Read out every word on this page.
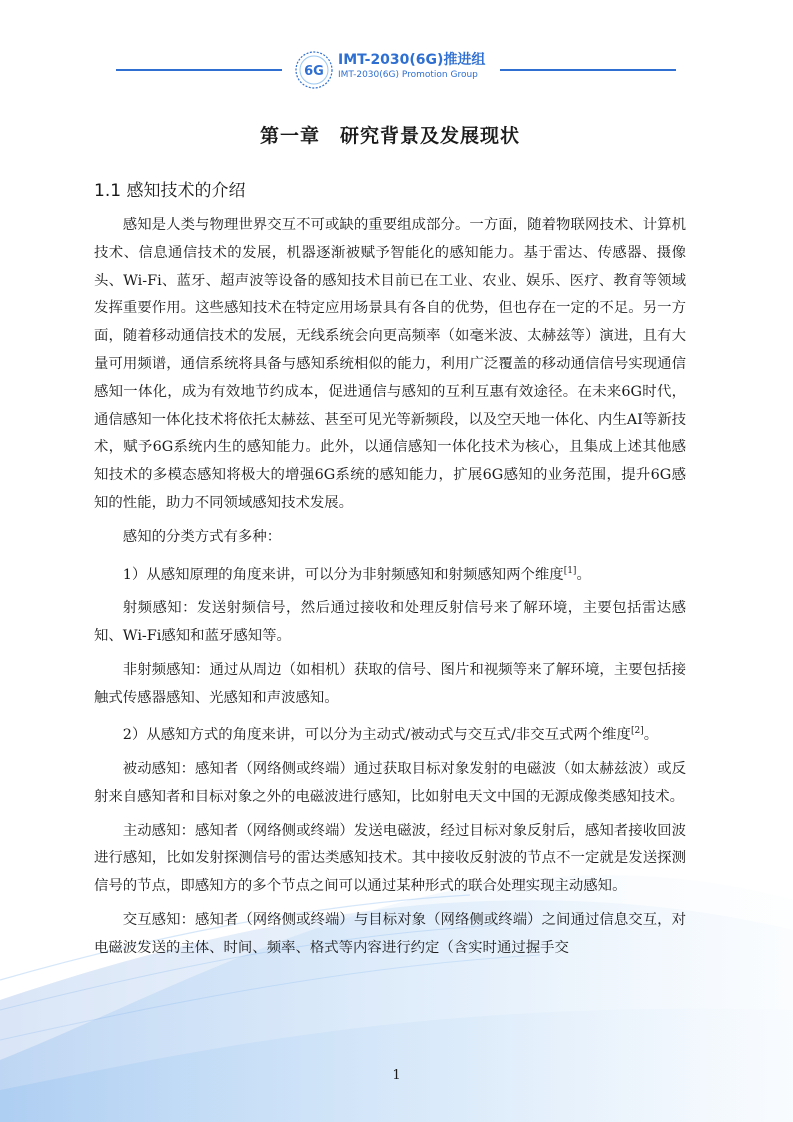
6G
IMT-2030(6G)推进组
IMT-2030(6G) Promotion Group
第一章　研究背景及发展现状
1.1 感知技术的介绍

感知是人类与物理世界交互不可或缺的重要组成部分。一方面，随着物联网技术、计算机技术、信息通信技术的发展，机器逐渐被赋予智能化的感知能力。基于雷达、传感器、摄像头、Wi-Fi、蓝牙、超声波等设备的感知技术目前已在工业、农业、娱乐、医疗、教育等领域发挥重要作用。这些感知技术在特定应用场景具有各自的优势，但也存在一定的不足。另一方面，随着移动通信技术的发展，无线系统会向更高频率（如毫米波、太赫兹等）演进，且有大量可用频谱，通信系统将具备与感知系统相似的能力，利用广泛覆盖的移动通信信号实现通信感知一体化，成为有效地节约成本，促进通信与感知的互利互惠有效途径。在未来6G时代，通信感知一体化技术将依托太赫兹、甚至可见光等新频段，以及空天地一体化、内生AI等新技术，赋予6G系统内生的感知能力。此外，以通信感知一体化技术为核心，且集成上述其他感知技术的多模态感知将极大的增强6G系统的感知能力，扩展6G感知的业务范围，提升6G感知的性能，助力不同领域感知技术发展。

感知的分类方式有多种：

1）从感知原理的角度来讲，可以分为非射频感知和射频感知两个维度[1]。

射频感知：发送射频信号，然后通过接收和处理反射信号来了解环境，主要包括雷达感知、Wi-Fi感知和蓝牙感知等。

非射频感知：通过从周边（如相机）获取的信号、图片和视频等来了解环境，主要包括接触式传感器感知、光感知和声波感知。

2）从感知方式的角度来讲，可以分为主动式/被动式与交互式/非交互式两个维度[2]。

被动感知：感知者（网络侧或终端）通过获取目标对象发射的电磁波（如太赫兹波）或反射来自感知者和目标对象之外的电磁波进行感知，比如射电天文中国的无源成像类感知技术。

主动感知：感知者（网络侧或终端）发送电磁波，经过目标对象反射后，感知者接收回波进行感知，比如发射探测信号的雷达类感知技术。其中接收反射波的节点不一定就是发送探测信号的节点，即感知方的多个节点之间可以通过某种形式的联合处理实现主动感知。

交互感知：感知者（网络侧或终端）与目标对象（网络侧或终端）之间通过信息交互，对电磁波发送的主体、时间、频率、格式等内容进行约定（含实时通过握手交

1
